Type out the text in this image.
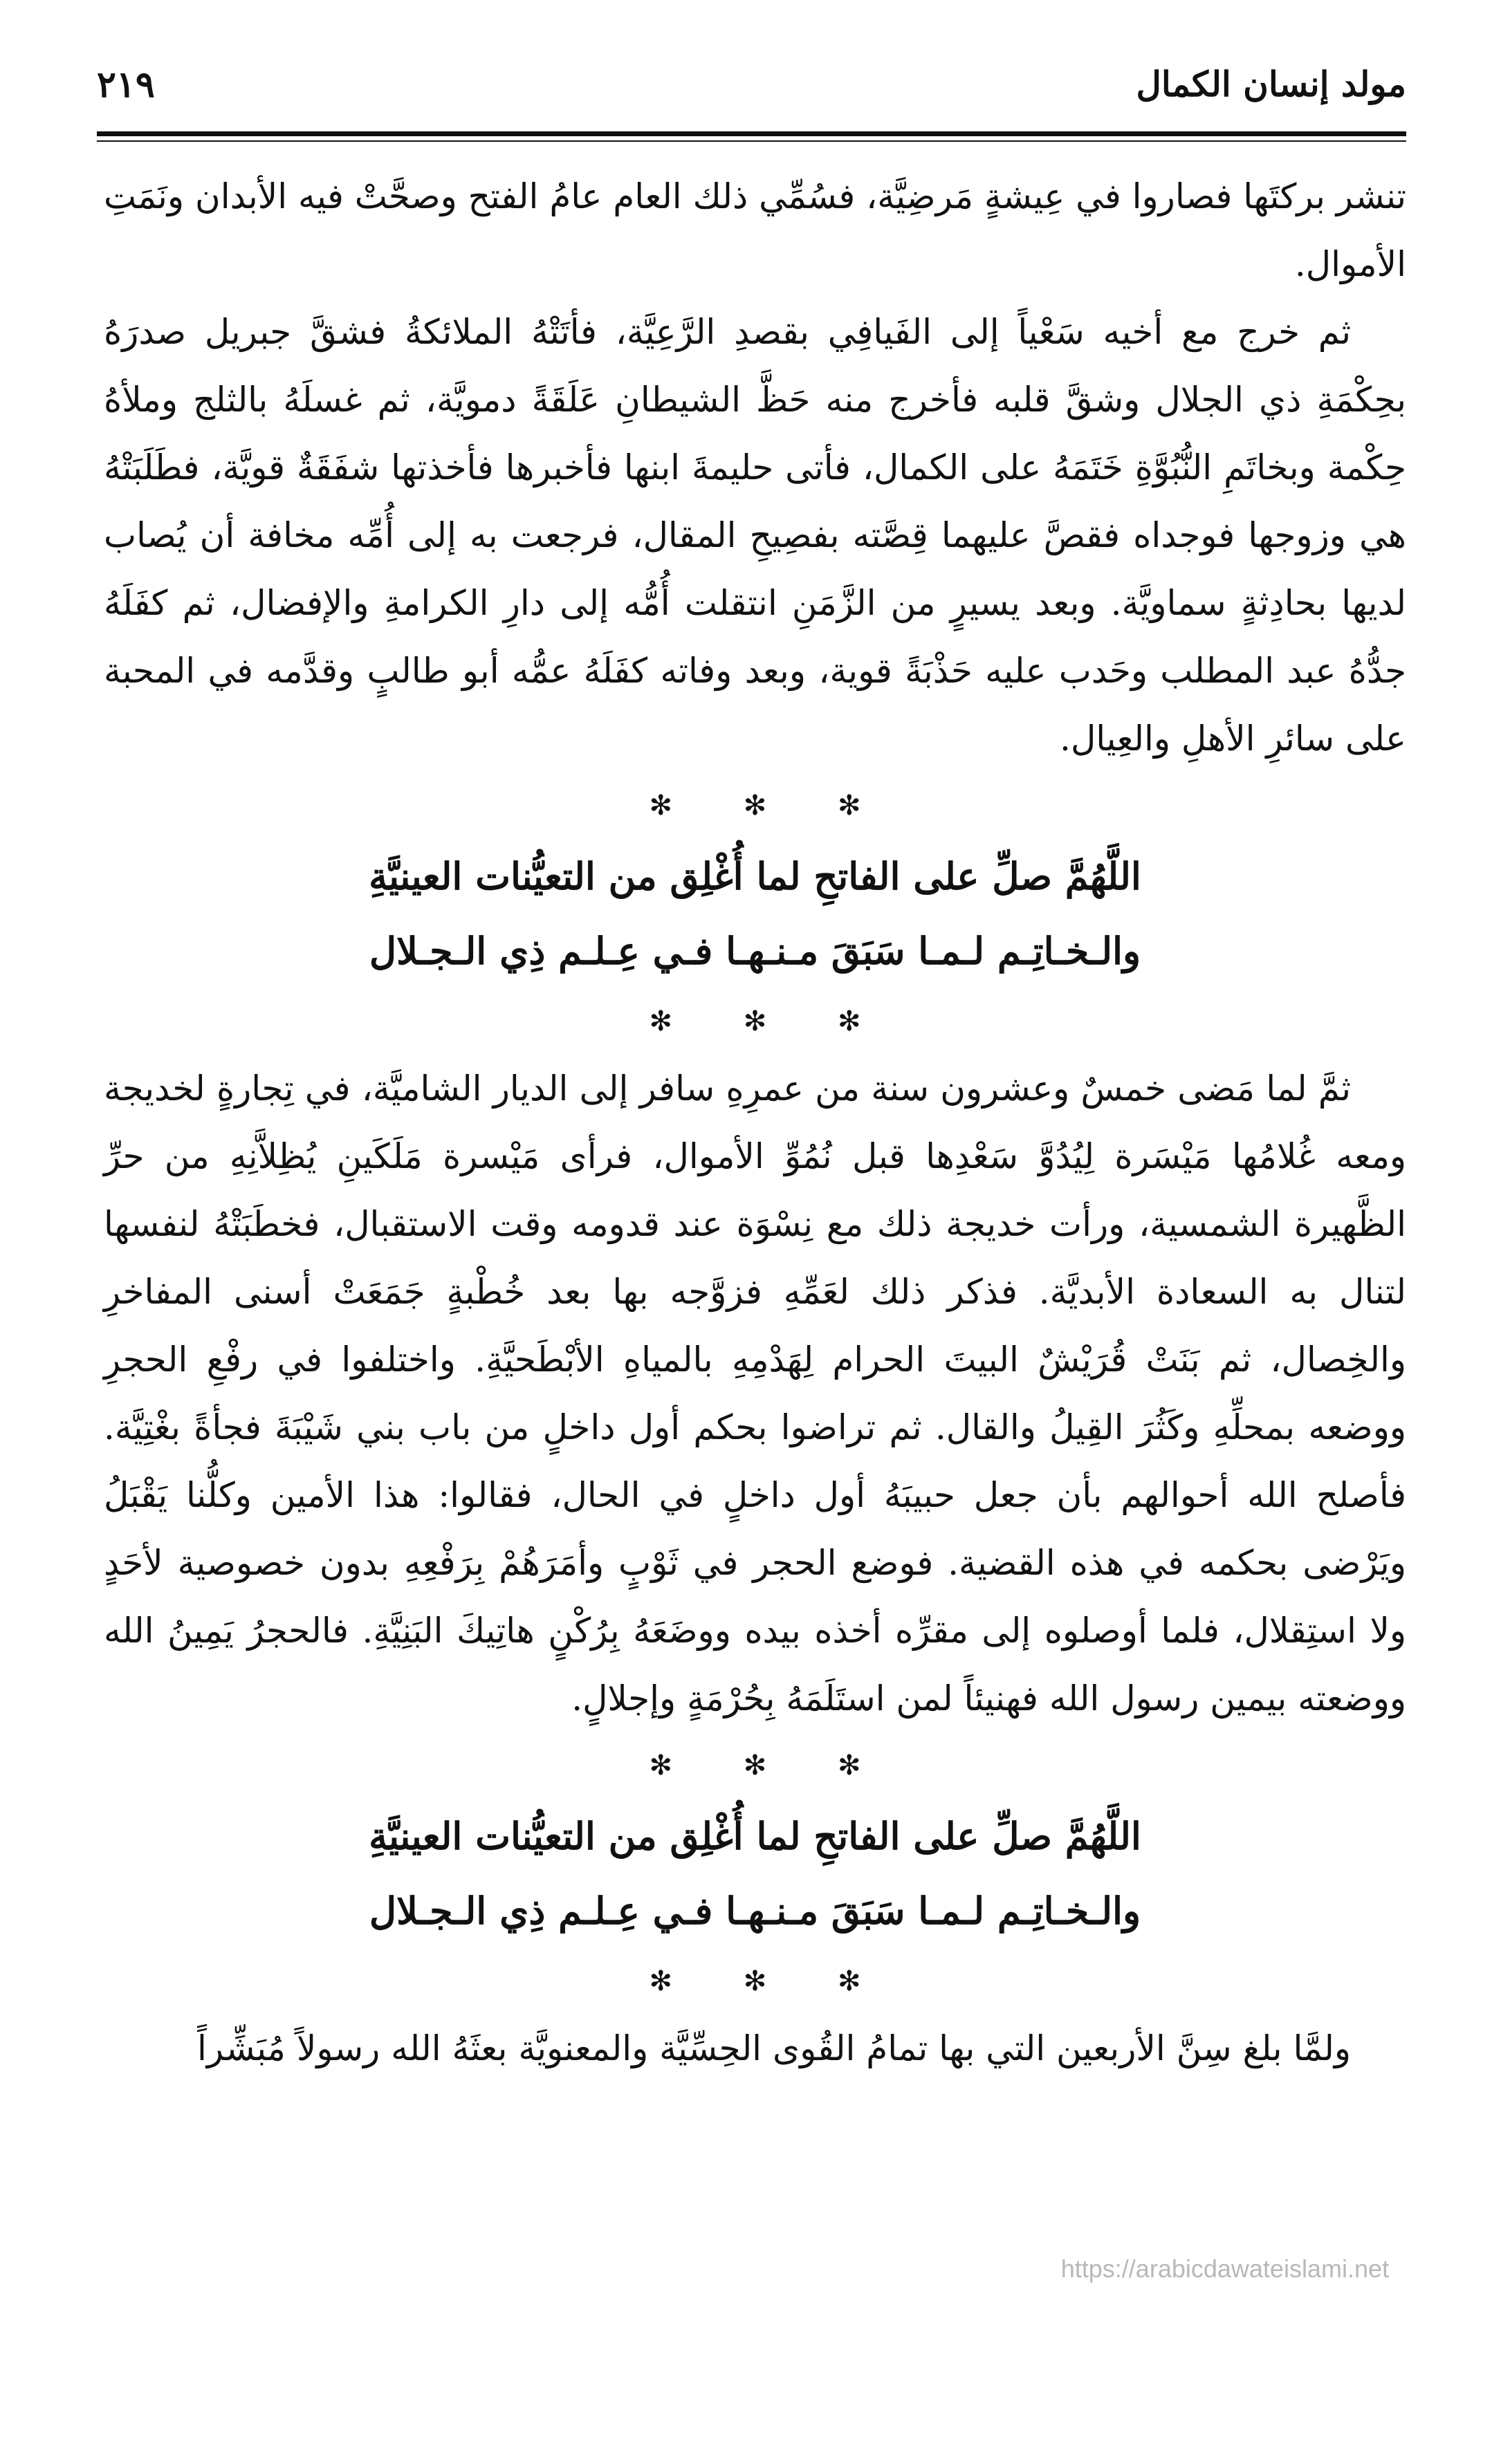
مولد إنسان الكمال
٢١٩

تنشر بركتَها فصاروا في عِيشةٍ مَرضِيَّة، فسُمِّي ذلك العام عامُ الفتح وصحَّتْ فيه الأبدان ونَمَتِ الأموال.

ثم خرج مع أخيه سَعْياً إلى الفَيافِي بقصدِ الرَّعِيَّة، فأتَتْهُ الملائكةُ فشقَّ جبريل صدرَهُ بحِكْمَةِ ذي الجلال وشقَّ قلبه فأخرج منه حَظَّ الشيطانِ عَلَقَةً دمويَّة، ثم غسلَهُ بالثلج وملأهُ حِكْمة وبخاتَمِ النُّبُوَّةِ خَتَمَهُ على الكمال، فأتى حليمةَ ابنها فأخبرها فأخذتها شفَقَةٌ قويَّة، فطَلَبَتْهُ هي وزوجها فوجداه فقصَّ عليهما قِصَّته بفصِيحِ المقال، فرجعت به إلى أُمِّه مخافة أن يُصاب لديها بحادِثةٍ سماويَّة. وبعد يسيرٍ من الزَّمَنِ انتقلت أُمُّه إلى دارِ الكرامةِ والإفضال، ثم كفَلَهُ جدُّهُ عبد المطلب وحَدب عليه حَذْبَةً قوية، وبعد وفاته كفَلَهُ عمُّه أبو طالبٍ وقدَّمه في المحبة على سائرِ الأهلِ والعِيال.

✻ ✻ ✻

اللَّهُمَّ صلِّ على الفاتحِ لما أُغْلِق من التعيُّنات العينيَّةِ

والـخـاتِـم لـمـا سَبَقَ مـنـهـا فـي عِـلـم ذِي الـجـلال

✻ ✻ ✻

ثمَّ لما مَضى خمسٌ وعشرون سنة من عمرِهِ سافر إلى الديار الشاميَّة، في تِجارةٍ لخديجة ومعه غُلامُها مَيْسَرة لِيُدُوَّ سَعْدِها قبل نُمُوِّ الأموال، فرأى مَيْسرة مَلَكَينِ يُظِلاَّنِهِ من حرِّ الظَّهيرة الشمسية، ورأت خديجة ذلك مع نِسْوَة عند قدومه وقت الاستقبال، فخطَبَتْهُ لنفسها لتنال به السعادة الأبديَّة. فذكر ذلك لعَمِّهِ فزوَّجه بها بعد خُطْبةٍ جَمَعَتْ أسنى المفاخرِ والخِصال، ثم بَنَتْ قُرَيْشٌ البيتَ الحرام لِهَدْمِهِ بالمياهِ الأبْطَحيَّةِ. واختلفوا في رفْعِ الحجرِ ووضعه بمحلِّهِ وكَثُرَ القِيلُ والقال. ثم تراضوا بحكم أول داخلٍ من باب بني شَيْبَةَ فجأةً بغْتِيَّة. فأصلح الله أحوالهم بأن جعل حبيبَهُ أول داخلٍ في الحال، فقالوا: هذا الأمين وكلُّنا يَقْبَلُ ويَرْضى بحكمه في هذه القضية. فوضع الحجر في ثَوْبٍ وأمَرَهُمْ بِرَفْعِهِ بدون خصوصية لأحَدٍ ولا استِقلال، فلما أوصلوه إلى مقرِّه أخذه بيده ووضَعَهُ بِرُكْنٍ هاتِيكَ البَنِيَّةِ. فالحجرُ يَمِينُ الله ووضعته بيمين رسول الله فهنيئاً لمن استَلَمَهُ بِحُرْمَةٍ وإجلالٍ.

✻ ✻ ✻

اللَّهُمَّ صلِّ على الفاتحِ لما أُغْلِق من التعيُّنات العينيَّةِ

والـخـاتِـم لـمـا سَبَقَ مـنـهـا فـي عِـلـم ذِي الـجـلال

✻ ✻ ✻

ولمَّا بلغ سِنَّ الأربعين التي بها تمامُ القُوى الحِسِّيَّة والمعنويَّة بعثَهُ الله رسولاً مُبَشِّراً

https://arabicdawateislami.net
